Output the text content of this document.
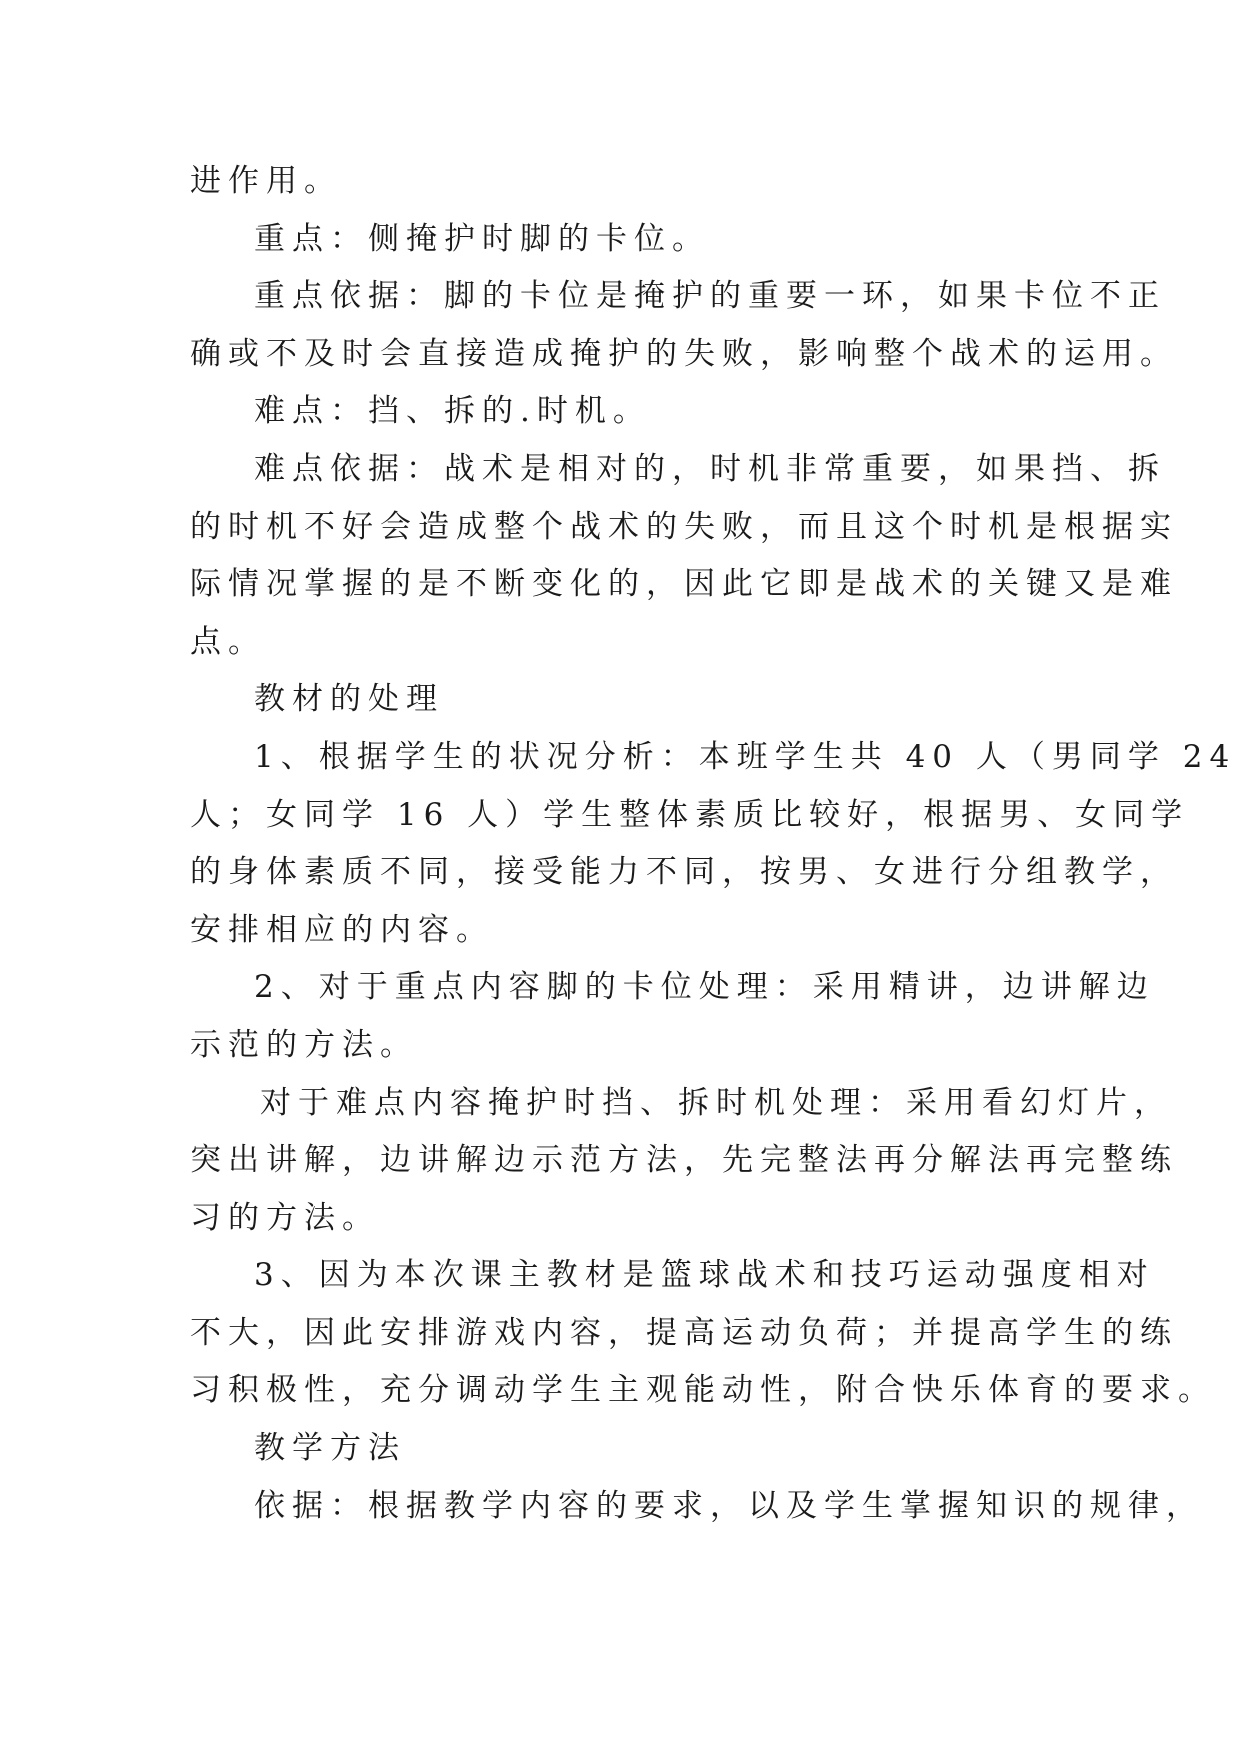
进作用。
重点：侧掩护时脚的卡位。
重点依据：脚的卡位是掩护的重要一环，如果卡位不正
确或不及时会直接造成掩护的失败，影响整个战术的运用。
难点：挡、拆的.时机。
难点依据：战术是相对的，时机非常重要，如果挡、拆
的时机不好会造成整个战术的失败，而且这个时机是根据实
际情况掌握的是不断变化的，因此它即是战术的关键又是难
点。
教材的处理
1、根据学生的状况分析：本班学生共 40 人（男同学 24
人；女同学 16 人）学生整体素质比较好，根据男、女同学
的身体素质不同，接受能力不同，按男、女进行分组教学，
安排相应的内容。
2、对于重点内容脚的卡位处理：采用精讲，边讲解边
示范的方法。
对于难点内容掩护时挡、拆时机处理：采用看幻灯片，
突出讲解，边讲解边示范方法，先完整法再分解法再完整练
习的方法。
3、因为本次课主教材是篮球战术和技巧运动强度相对
不大，因此安排游戏内容，提高运动负荷；并提高学生的练
习积极性，充分调动学生主观能动性，附合快乐体育的要求。
教学方法
依据：根据教学内容的要求，以及学生掌握知识的规律，
